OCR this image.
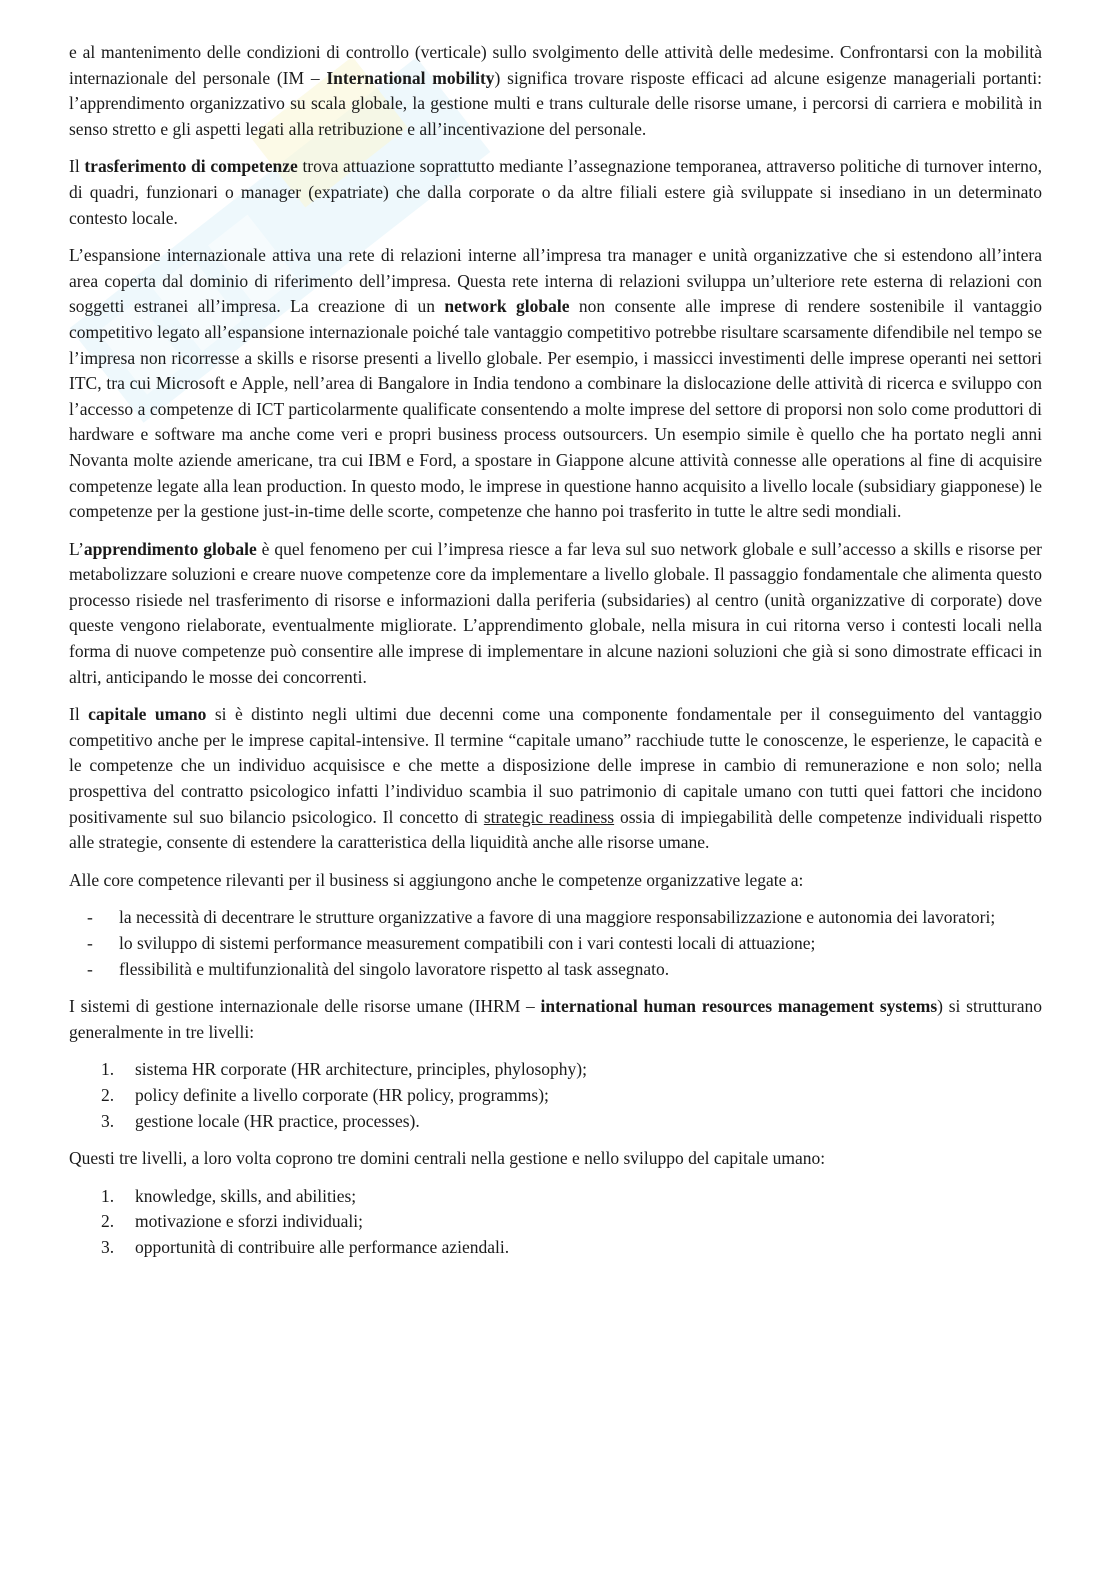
e al mantenimento delle condizioni di controllo (verticale) sullo svolgimento delle attività delle medesime. Confrontarsi con la mobilità internazionale del personale (IM – International mobility) significa trovare risposte efficaci ad alcune esigenze manageriali portanti: l’apprendimento organizzativo su scala globale, la gestione multi e trans culturale delle risorse umane, i percorsi di carriera e mobilità in senso stretto e gli aspetti legati alla retribuzione e all’incentivazione del personale.

Il trasferimento di competenze trova attuazione soprattutto mediante l’assegnazione temporanea, attraverso politiche di turnover interno, di quadri, funzionari o manager (expatriate) che dalla corporate o da altre filiali estere già sviluppate si insediano in un determinato contesto locale.

L’espansione internazionale attiva una rete di relazioni interne all’impresa tra manager e unità organizzative che si estendono all’intera area coperta dal dominio di riferimento dell’impresa. Questa rete interna di relazioni sviluppa un’ulteriore rete esterna di relazioni con soggetti estranei all’impresa. La creazione di un network globale non consente alle imprese di rendere sostenibile il vantaggio competitivo legato all’espansione internazionale poiché tale vantaggio competitivo potrebbe risultare scarsamente difendibile nel tempo se l’impresa non ricorresse a skills e risorse presenti a livello globale. Per esempio, i massicci investimenti delle imprese operanti nei settori ITC, tra cui Microsoft e Apple, nell’area di Bangalore in India tendono a combinare la dislocazione delle attività di ricerca e sviluppo con l’accesso a competenze di ICT particolarmente qualificate consentendo a molte imprese del settore di proporsi non solo come produttori di hardware e software ma anche come veri e propri business process outsourcers. Un esempio simile è quello che ha portato negli anni Novanta molte aziende americane, tra cui IBM e Ford, a spostare in Giappone alcune attività connesse alle operations al fine di acquisire competenze legate alla lean production. In questo modo, le imprese in questione hanno acquisito a livello locale (subsidiary giapponese) le competenze per la gestione just-in-time delle scorte, competenze che hanno poi trasferito in tutte le altre sedi mondiali.

L’apprendimento globale è quel fenomeno per cui l’impresa riesce a far leva sul suo network globale e sull’accesso a skills e risorse per metabolizzare soluzioni e creare nuove competenze core da implementare a livello globale. Il passaggio fondamentale che alimenta questo processo risiede nel trasferimento di risorse e informazioni dalla periferia (subsidaries) al centro (unità organizzative di corporate) dove queste vengono rielaborate, eventualmente migliorate. L’apprendimento globale, nella misura in cui ritorna verso i contesti locali nella forma di nuove competenze può consentire alle imprese di implementare in alcune nazioni soluzioni che già si sono dimostrate efficaci in altri, anticipando le mosse dei concorrenti.

Il capitale umano si è distinto negli ultimi due decenni come una componente fondamentale per il conseguimento del vantaggio competitivo anche per le imprese capital-intensive. Il termine “capitale umano” racchiude tutte le conoscenze, le esperienze, le capacità e le competenze che un individuo acquisisce e che mette a disposizione delle imprese in cambio di remunerazione e non solo; nella prospettiva del contratto psicologico infatti l’individuo scambia il suo patrimonio di capitale umano con tutti quei fattori che incidono positivamente sul suo bilancio psicologico. Il concetto di strategic readiness ossia di impiegabilità delle competenze individuali rispetto alle strategie, consente di estendere la caratteristica della liquidità anche alle risorse umane.

Alle core competence rilevanti per il business si aggiungono anche le competenze organizzative legate a:

- la necessità di decentrare le strutture organizzative a favore di una maggiore responsabilizzazione e autonomia dei lavoratori;
- lo sviluppo di sistemi performance measurement compatibili con i vari contesti locali di attuazione;
- flessibilità e multifunzionalità del singolo lavoratore rispetto al task assegnato.

I sistemi di gestione internazionale delle risorse umane (IHRM – international human resources management systems) si strutturano generalmente in tre livelli:

1. sistema HR corporate (HR architecture, principles, phylosophy);
2. policy definite a livello corporate (HR policy, programms);
3. gestione locale (HR practice, processes).

Questi tre livelli, a loro volta coprono tre domini centrali nella gestione e nello sviluppo del capitale umano:

1. knowledge, skills, and abilities;
2. motivazione e sforzi individuali;
3. opportunità di contribuire alle performance aziendali.
